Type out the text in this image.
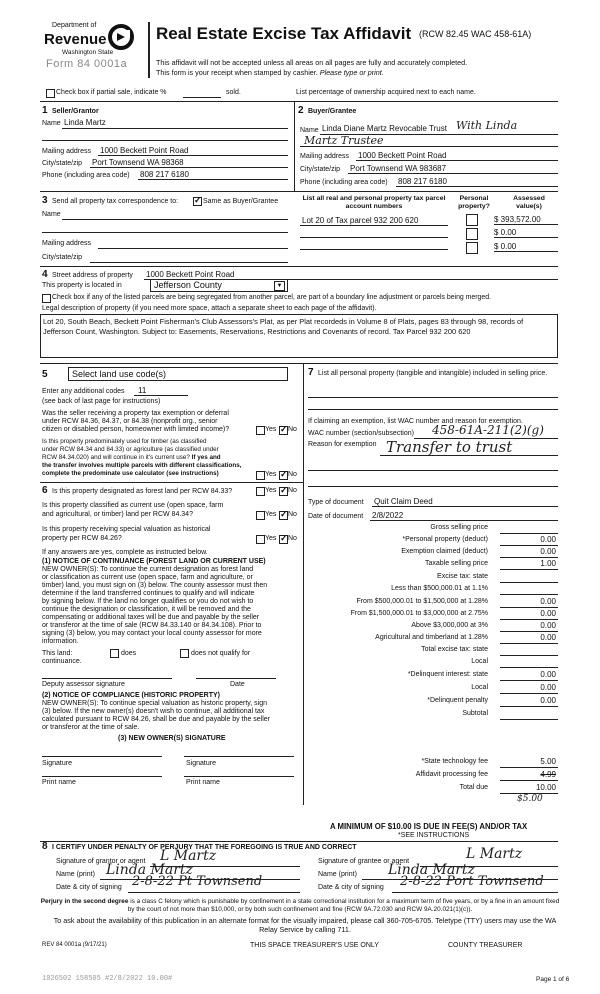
Department of
Revenue
Washington State
Form 84 0001a
Real Estate Excise Tax Affidavit (RCW 82.45 WAC 458-61A)
This affidavit will not be accepted unless all areas on all pages are fully and accurately completed.
This form is your receipt when stamped by cashier. Please type or print.
Check box if partial sale, indicate %	sold.	List percentage of ownership acquired next to each name.
1 Seller/Grantor
Name Linda Martz
Mailing address 1000 Beckett Point Road
City/state/zip Port Townsend WA 98368
Phone (including area code) 808 217 6180
2 Buyer/Grantee
Name Linda Diane Martz Revocable Trust With Linda
Martz Trustee
Mailing address 1000 Beckett Point Road
City/state/zip Port Townsend WA 983687
Phone (including area code) 808 217 6180
3 Send all property tax correspondence to: ✓	Same as Buyer/Grantee
Name
Mailing address
City/state/zip
List all real and personal property tax parcel account numbers
Personal property?
Assessed value(s)
Lot 20 of Tax parcel 932 200 620	$ 393,572.00
$ 0.00
$ 0.00
4 Street address of property 1000 Beckett Point Road
This property is located in	Jefferson County	▼
Check box if any of the listed parcels are being segregated from another parcel, are part of a boundary line adjustment or parcels being merged.
Legal description of property (if you need more space, attach a separate sheet to each page of the affidavit).
Lot 20, South Beach, Beckett Point Fisherman's Club Assessors's Plat, as per Plat recordeds in Volume 8 of Plats, pages 83 through 98, records of Jefferson Count, Washington. Subject to: Easements, Reservations, Restrictions and Covenants of record. Tax Parcel 932 200 620
5	Select land use code(s)
Enter any additional codes 11
(see back of last page for instructions)
Was the seller receiving a property tax exemption or deferral
under RCW 84.36, 84.37, or 84.38 (nonprofit org., senior
citizen or disabled person, homeowner with limited income)?	Yes ✓ No
Is this property predominately used for timber (as classified
under RCW 84.34 and 84.33) or agriculture (as classified under
RCW 84.34.020) and will continue in it's current use? If yes and
the transfer involves multiple parcels with different classifications,
complete the predominate use calculator (see instructions)	Yes ✓ No
6 Is this property designated as forest land per RCW 84.33?	Yes ✓ No
Is this property classified as current use (open space, farm
and agricultural, or timber) land per RCW 84.34?	Yes ✓ No
Is this property receiving special valuation as historical
property per RCW 84.26?	Yes ✓ No
If any answers are yes, complete as instructed below.
(1) NOTICE OF CONTINUANCE (FOREST LAND OR CURRENT USE)
NEW OWNER(S): To continue the current designation as forest land
or classification as current use (open space, farm and agriculture, or
timber) land, you must sign on (3) below. The county assessor must then
determine if the land transferred continues to qualify and will indicate
by signing below. If the land no longer qualifies or you do not wish to
continue the designation or classification, it will be removed and the
compensating or additional taxes will be due and payable by the seller
or transferor at the time of sale (RCW 84.33.140 or 84.34.108). Prior to
signing (3) below, you may contact your local county assessor for more
information.
This land:	does	does not qualify for
continuance.
Deputy assessor signature	Date
(2) NOTICE OF COMPLIANCE (HISTORIC PROPERTY)
NEW OWNER(S): To continue special valuation as historic property, sign
(3) below. If the new owner(s) doesn't wish to continue, all additional tax
calculated pursuant to RCW 84.26, shall be due and payable by the seller
or transferor at the time of sale.
(3) NEW OWNER(S) SIGNATURE
Signature	Signature
Print name	Print name
7 List all personal property (tangible and intangible) included in selling price.
If claiming an exemption, list WAC number and reason for exemption.
WAC number (section/subsection) 458-61A-211(2)(g)
Reason for exemption Transfer to trust
Type of document Quit Claim Deed
Date of document 2/8/2022
Gross selling price
*Personal property (deduct)	0.00
Exemption claimed (deduct)	0.00
Taxable selling price	1.00
Excise tax: state
Less than $500,000.01 at 1.1%
From $500,000.01 to $1,500,000 at 1.28%	0.00
From $1,500,000.01 to $3,000,000 at 2.75%	0.00
Above $3,000,000 at 3%	0.00
Agricultural and timberland at 1.28%	0.00
Total excise tax: state
Local
*Delinquent interest: state	0.00
Local	0.00
*Delinquent penalty	0.00
Subtotal
*State technology fee	5.00
Affidavit processing fee	4.99
Total due	10.00
$5.00
A MINIMUM OF $10.00 IS DUE IN FEE(S) AND/OR TAX
*SEE INSTRUCTIONS
8 I CERTIFY UNDER PENALTY OF PERJURY THAT THE FOREGOING IS TRUE AND CORRECT
Signature of grantor or agent L Martz
Name (print) Linda Martz
Date & city of signing 2-8-22 Pt Townsend
Signature of grantee or agent	L Martz
Name (print) Linda Martz
Date & city of signing 2-8-22 Port Townsend
Perjury in the second degree is a class C felony which is punishable by confinement in a state correctional institution for a maximum term of five years, or by a fine in an amount fixed by the court of not more than $10,000, or by both such confinement and fine (RCW 9A.72.030 and RCW 9A.20.021(1)(c)).
To ask about the availability of this publication in an alternate format for the visually impaired, please call 360-705-6705. Teletype (TTY) users may use the WA Relay Service by calling 711.
REV 84 0001a (9/17/21)	THIS SPACE TREASURER'S USE ONLY	COUNTY TREASURER
1026502 158505 #2/8/2022 10.00#	Page 1 of 6
